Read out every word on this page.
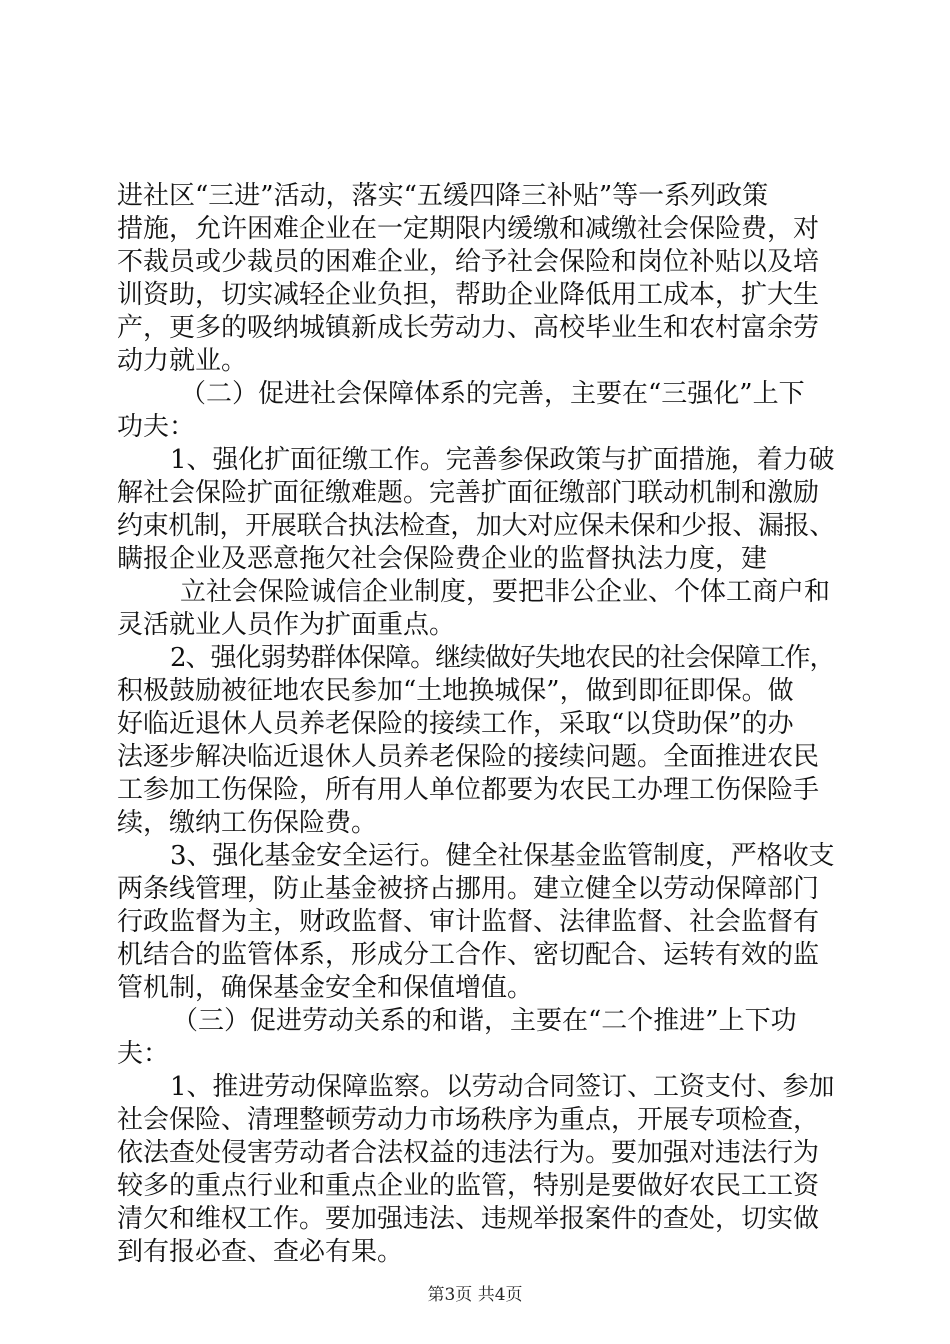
进社区“三进”活动，落实“五缓四降三补贴”等一系列政策
措施，允许困难企业在一定期限内缓缴和减缴社会保险费，对
不裁员或少裁员的困难企业，给予社会保险和岗位补贴以及培
训资助，切实减轻企业负担，帮助企业降低用工成本，扩大生
产，更多的吸纳城镇新成长劳动力、高校毕业生和农村富余劳
动力就业。
（二）促进社会保障体系的完善，主要在“三强化”上下
功夫：
1、强化扩面征缴工作。完善参保政策与扩面措施，着力破
解社会保险扩面征缴难题。完善扩面征缴部门联动机制和激励
约束机制，开展联合执法检查，加大对应保未保和少报、漏报、
瞒报企业及恶意拖欠社会保险费企业的监督执法力度，建
立社会保险诚信企业制度，要把非公企业、个体工商户和
灵活就业人员作为扩面重点。
2、强化弱势群体保障。继续做好失地农民的社会保障工作，
积极鼓励被征地农民参加“土地换城保”，做到即征即保。做
好临近退休人员养老保险的接续工作，采取“以贷助保”的办
法逐步解决临近退休人员养老保险的接续问题。全面推进农民
工参加工伤保险，所有用人单位都要为农民工办理工伤保险手
续，缴纳工伤保险费。
3、强化基金安全运行。健全社保基金监管制度，严格收支
两条线管理，防止基金被挤占挪用。建立健全以劳动保障部门
行政监督为主，财政监督、审计监督、法律监督、社会监督有
机结合的监管体系，形成分工合作、密切配合、运转有效的监
管机制，确保基金安全和保值增值。
（三）促进劳动关系的和谐，主要在“二个推进”上下功
夫：
1、推进劳动保障监察。以劳动合同签订、工资支付、参加
社会保险、清理整顿劳动力市场秩序为重点，开展专项检查，
依法查处侵害劳动者合法权益的违法行为。要加强对违法行为
较多的重点行业和重点企业的监管，特别是要做好农民工工资
清欠和维权工作。要加强违法、违规举报案件的查处，切实做
到有报必查、查必有果。
第3页 共4页
